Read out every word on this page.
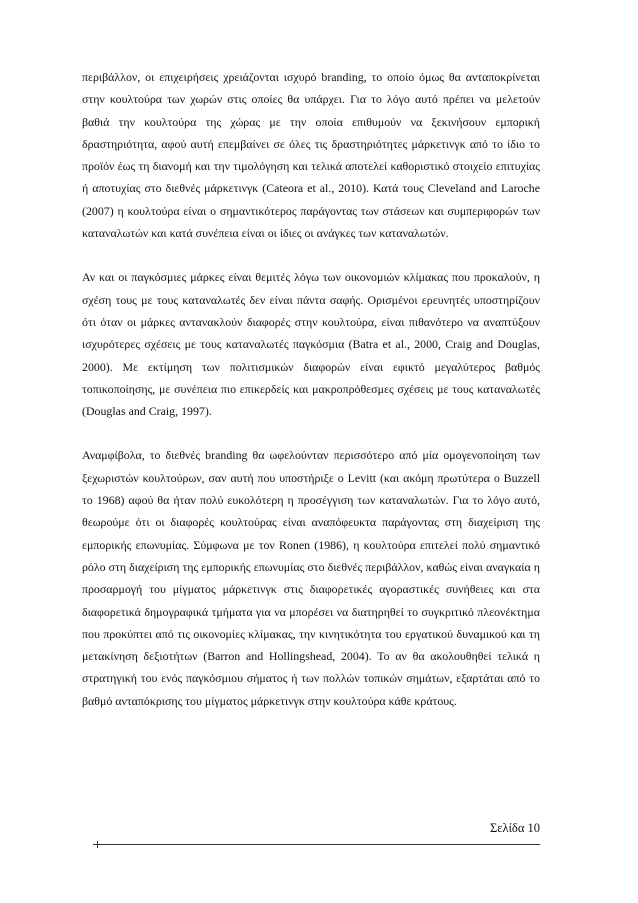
περιβάλλον, οι επιχειρήσεις χρειάζονται ισχυρό branding, το οποίο όμως θα ανταποκρίνεται στην κουλτούρα των χωρών στις οποίες θα υπάρχει. Για το λόγο αυτό πρέπει να μελετούν βαθιά την κουλτούρα της χώρας με την οποία επιθυμούν να ξεκινήσουν εμπορική δραστηριότητα, αφού αυτή επεμβαίνει σε όλες τις δραστηριότητες μάρκετινγκ από το ίδιο το προϊόν έως τη διανομή και την τιμολόγηση και τελικά αποτελεί καθοριστικό στοιχείο επιτυχίας ή αποτυχίας στο διεθνές μάρκετινγκ (Cateora et al., 2010). Κατά τους Cleveland and Laroche (2007) η κουλτούρα είναι ο σημαντικότερος παράγοντας των στάσεων και συμπεριφορών των καταναλωτών και κατά συνέπεια είναι οι ίδιες οι ανάγκες των καταναλωτών.

Αν και οι παγκόσμιες μάρκες είναι θεμιτές λόγω των οικονομιών κλίμακας που προκαλούν, η σχέση τους με τους καταναλωτές δεν είναι πάντα σαφής. Ορισμένοι ερευνητές υποστηρίζουν ότι όταν οι μάρκες αντανακλούν διαφορές στην κουλτούρα, είναι πιθανότερο να αναπτύξουν ισχυρότερες σχέσεις με τους καταναλωτές παγκόσμια (Batra et al., 2000, Craig and Douglas, 2000). Με εκτίμηση των πολιτισμικών διαφορών είναι εφικτό μεγαλύτερος βαθμός τοπικοποίησης, με συνέπεια πιο επικερδείς και μακροπρόθεσμες σχέσεις με τους καταναλωτές (Douglas and Craig, 1997).

Αναμφίβολα, το διεθνές branding θα ωφελούνταν περισσότερο από μία ομογενοποίηση των ξεχωριστών κουλτούρων, σαν αυτή που υποστήριξε ο Levitt (και ακόμη πρωτύτερα ο Buzzell το 1968) αφού θα ήταν πολύ ευκολότερη η προσέγγιση των καταναλωτών. Για το λόγο αυτό, θεωρούμε ότι οι διαφορές κουλτούρας είναι αναπόφευκτα παράγοντας στη διαχείριση της εμπορικής επωνυμίας. Σύμφωνα με τον Ronen (1986), η κουλτούρα επιτελεί πολύ σημαντικό ρόλο στη διαχείριση της εμπορικής επωνυμίας στο διεθνές περιβάλλον, καθώς είναι αναγκαία η προσαρμογή του μίγματος μάρκετινγκ στις διαφορετικές αγοραστικές συνήθειες και στα διαφορετικά δημογραφικά τμήματα για να μπορέσει να διατηρηθεί το συγκριτικό πλεονέκτημα που προκύπτει από τις οικονομίες κλίμακας, την κινητικότητα του εργατικού δυναμικού και τη μετακίνηση δεξιοτήτων (Barron and Hollingshead, 2004). Το αν θα ακολουθηθεί τελικά η στρατηγική του ενός παγκόσμιου σήματος ή των πολλών τοπικών σημάτων, εξαρτάται από το βαθμό ανταπόκρισης του μίγματος μάρκετινγκ στην κουλτούρα κάθε κράτους.

Σελίδα 10
